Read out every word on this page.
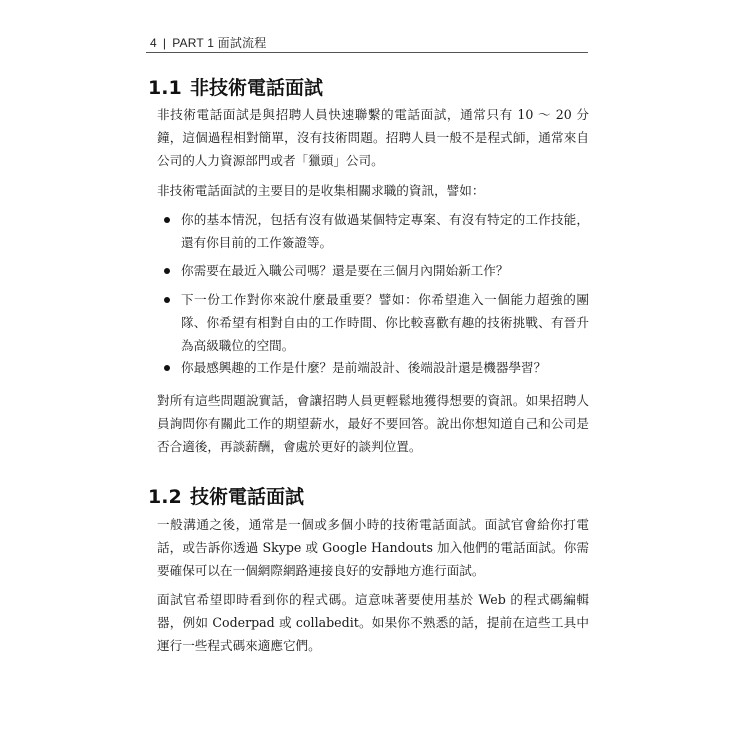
4 | PART 1 面試流程
1.1 非技術電話面試

非技術電話面試是與招聘人員快速聯繫的電話面試，通常只有 10 ～ 20 分鐘，這個過程相對簡單，沒有技術問題。招聘人員一般不是程式師，通常來自公司的人力資源部門或者「獵頭」公司。

非技術電話面試的主要目的是收集相關求職的資訊，譬如：

你的基本情況，包括有沒有做過某個特定專案、有沒有特定的工作技能，還有你目前的工作簽證等。
你需要在最近入職公司嗎？還是要在三個月內開始新工作？
下一份工作對你來說什麼最重要？譬如：你希望進入一個能力超強的團隊、你希望有相對自由的工作時間、你比較喜歡有趣的技術挑戰、有晉升為高級職位的空間。
你最感興趣的工作是什麼？是前端設計、後端設計還是機器學習？

對所有這些問題說實話，會讓招聘人員更輕鬆地獲得想要的資訊。如果招聘人員詢問你有關此工作的期望薪水，最好不要回答。說出你想知道自己和公司是否合適後，再談薪酬，會處於更好的談判位置。

1.2 技術電話面試

一般溝通之後，通常是一個或多個小時的技術電話面試。面試官會給你打電話，或告訴你透過 Skype 或 Google Handouts 加入他們的電話面試。你需要確保可以在一個網際網路連接良好的安靜地方進行面試。

面試官希望即時看到你的程式碼。這意味著要使用基於 Web 的程式碼編輯器，例如 Coderpad 或 collabedit。如果你不熟悉的話，提前在這些工具中運行一些程式碼來適應它們。
